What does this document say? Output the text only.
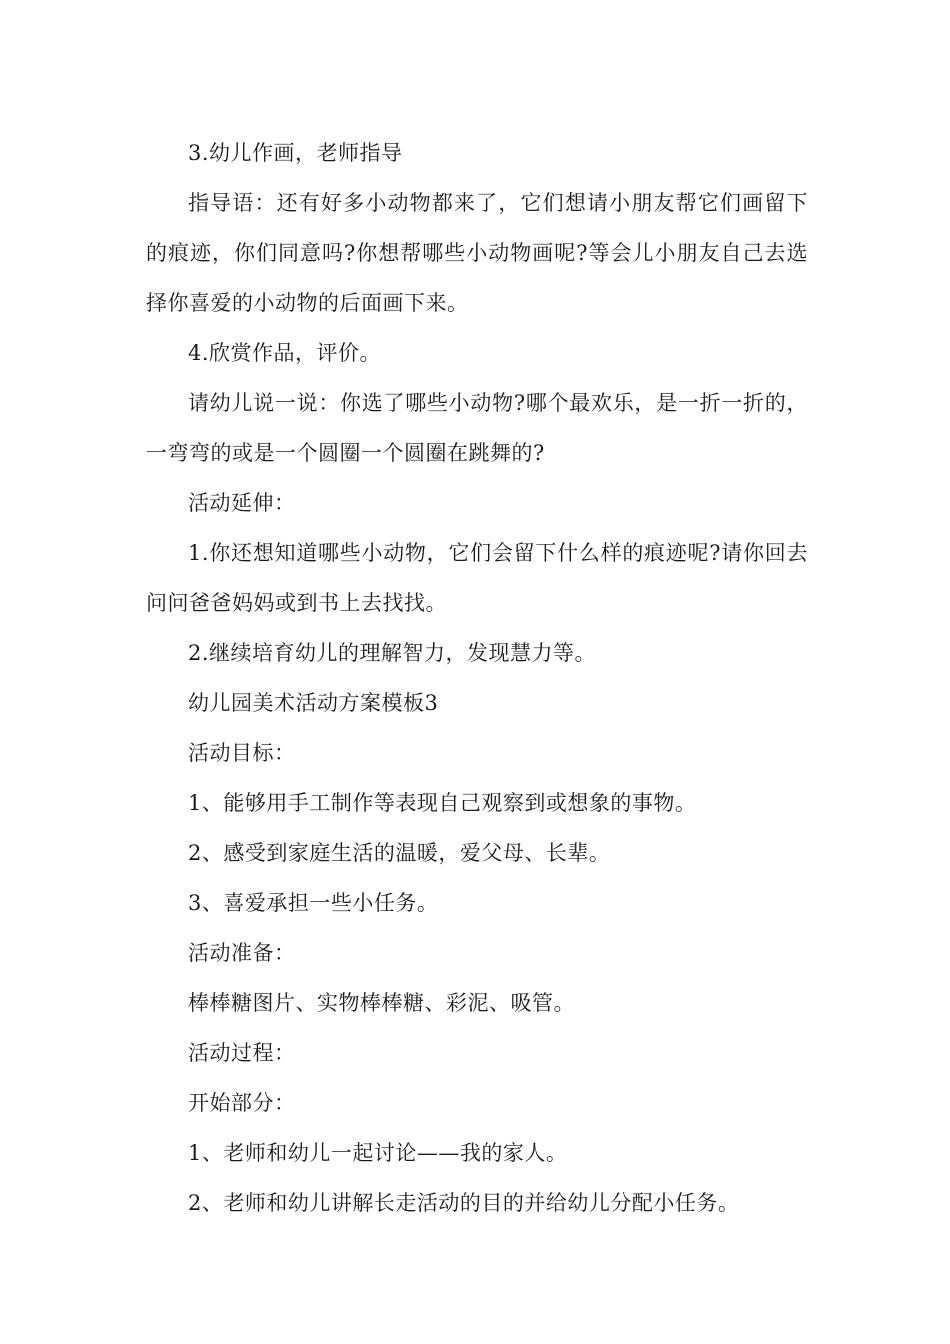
3.幼儿作画，老师指导

指导语：还有好多小动物都来了，它们想请小朋友帮它们画留下的痕迹，你们同意吗?你想帮哪些小动物画呢?等会儿小朋友自己去选择你喜爱的小动物的后面画下来。

4.欣赏作品，评价。

请幼儿说一说：你选了哪些小动物?哪个最欢乐，是一折一折的，一弯弯的或是一个圆圈一个圆圈在跳舞的?

活动延伸：

1.你还想知道哪些小动物，它们会留下什么样的痕迹呢?请你回去问问爸爸妈妈或到书上去找找。

2.继续培育幼儿的理解智力，发现慧力等。

幼儿园美术活动方案模板3

活动目标：

1、能够用手工制作等表现自己观察到或想象的事物。

2、感受到家庭生活的温暖，爱父母、长辈。

3、喜爱承担一些小任务。

活动准备：

棒棒糖图片、实物棒棒糖、彩泥、吸管。

活动过程：

开始部分：

1、老师和幼儿一起讨论——我的家人。

2、老师和幼儿讲解长走活动的目的并给幼儿分配小任务。
